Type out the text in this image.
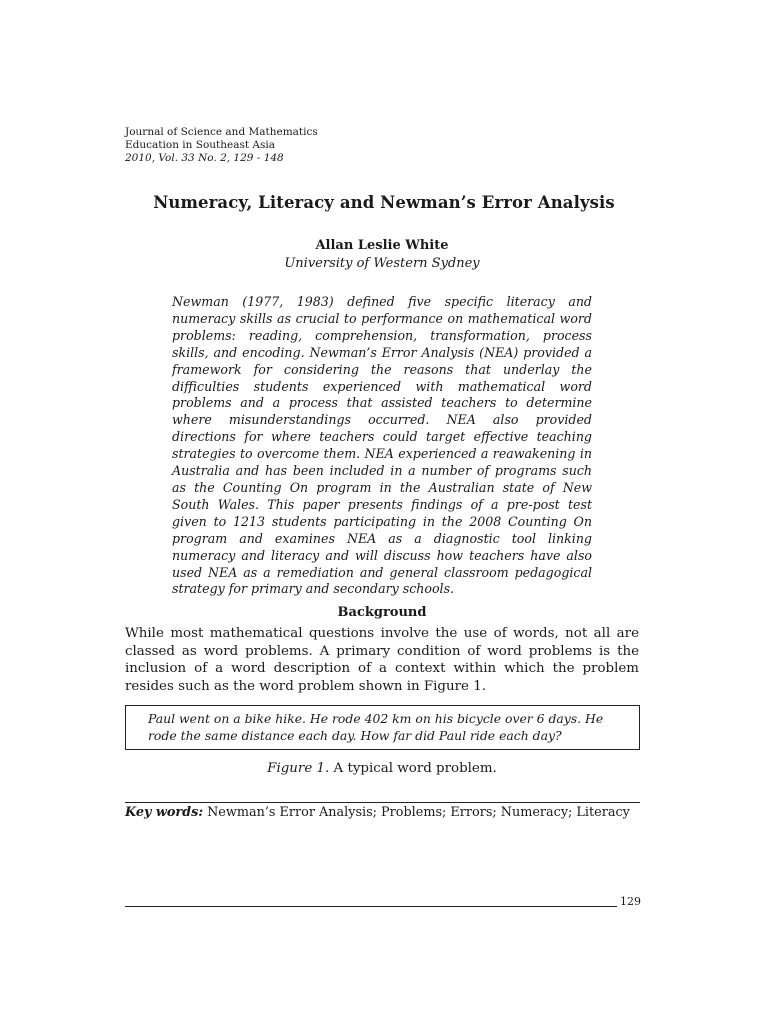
Journal of Science and Mathematics
Education in Southeast Asia
2010, Vol. 33 No. 2, 129 - 148
Numeracy, Literacy and Newman’s Error Analysis
Allan Leslie White
University of Western Sydney

Newman (1977, 1983) defined five specific literacy and numeracy skills as crucial to performance on mathematical word problems: reading, comprehension, transformation, process skills, and encoding. Newman’s Error Analysis (NEA) provided a framework for considering the reasons that underlay the difficulties students experienced with mathematical word problems and a process that assisted teachers to determine where misunderstandings occurred. NEA also provided directions for where teachers could target effective teaching strategies to overcome them. NEA experienced a reawakening in Australia and has been included in a number of programs such as the Counting On program in the Australian state of New South Wales. This paper presents findings of a pre-post test given to 1213 students participating in the 2008 Counting On program and examines NEA as a diagnostic tool linking numeracy and literacy and will discuss how teachers have also used NEA as a remediation and general classroom pedagogical strategy for primary and secondary schools.

Background

While most mathematical questions involve the use of words, not all are classed as word problems. A primary condition of word problems is the inclusion of a word description of a context within which the problem resides such as the word problem shown in Figure 1.

Paul went on a bike hike. He rode 402 km on his bicycle over 6 days. He rode the same distance each day. How far did Paul ride each day?
Figure 1. A typical word problem.
Key words: Newman’s Error Analysis; Problems; Errors; Numeracy; Literacy
129
